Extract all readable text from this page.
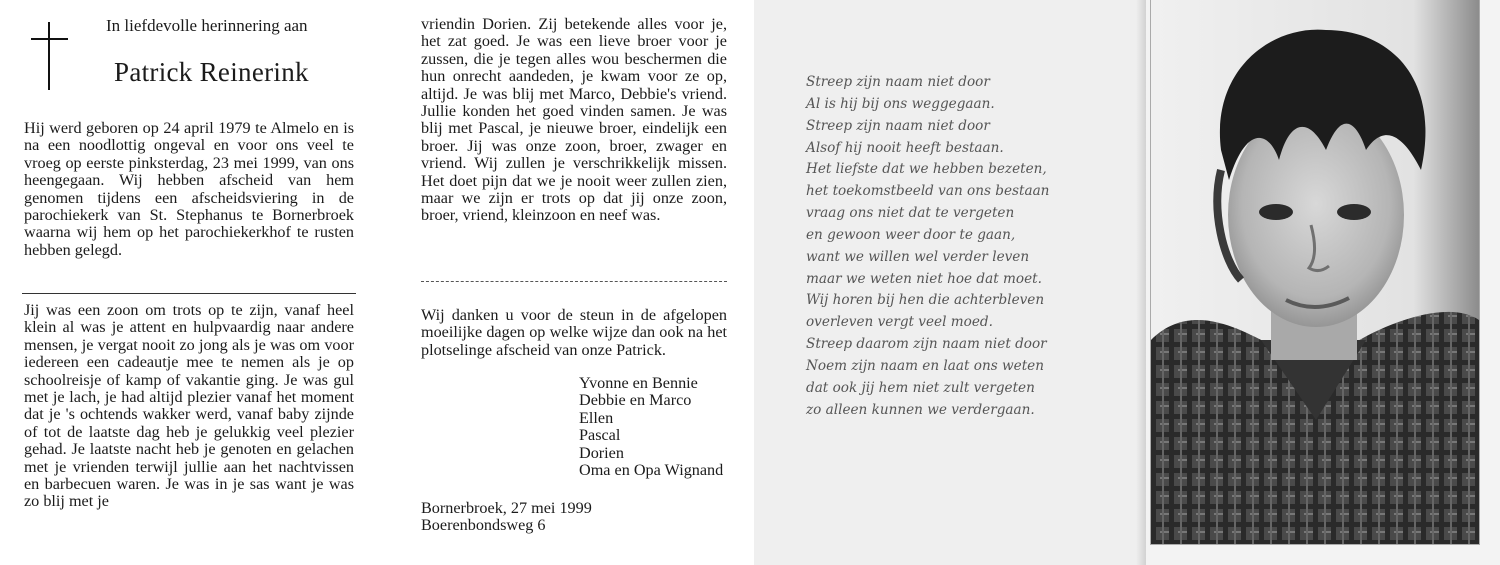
In liefdevolle herinnering aan

Patrick Reinerink

Hij werd geboren op 24 april 1979 te Almelo en is na een noodlottig ongeval en voor ons veel te vroeg op eerste pinksterdag, 23 mei 1999, van ons heengegaan. Wij hebben afscheid van hem genomen tijdens een afscheidsviering in de parochiekerk van St. Stephanus te Bornerbroek waarna wij hem op het parochiekerkhof te rusten hebben gelegd.

Jij was een zoon om trots op te zijn, vanaf heel klein al was je attent en hulpvaardig naar andere mensen, je vergat nooit zo jong als je was om voor iedereen een cadeautje mee te nemen als je op schoolreisje of kamp of vakantie ging. Je was gul met je lach, je had altijd plezier vanaf het moment dat je 's ochtends wakker werd, vanaf baby zijnde of tot de laatste dag heb je gelukkig veel plezier gehad. Je laatste nacht heb je genoten en gelachen met je vrienden terwijl jullie aan het nachtvissen en barbecuen waren. Je was in je sas want je was zo blij met je

vriendin Dorien. Zij betekende alles voor je, het zat goed. Je was een lieve broer voor je zussen, die je tegen alles wou beschermen die hun onrecht aandeden, je kwam voor ze op, altijd. Je was blij met Marco, Debbie's vriend. Jullie konden het goed vinden samen. Je was blij met Pascal, je nieuwe broer, eindelijk een broer. Jij was onze zoon, broer, zwager en vriend. Wij zullen je verschrikkelijk missen. Het doet pijn dat we je nooit weer zullen zien, maar we zijn er trots op dat jij onze zoon, broer, vriend, kleinzoon en neef was.

Wij danken u voor de steun in de afgelopen moeilijke dagen op welke wijze dan ook na het plotselinge afscheid van onze Patrick.

Yvonne en Bennie
Debbie en Marco
Ellen
Pascal
Dorien
Oma en Opa Wignand
Bornerbroek, 27 mei 1999
Boerenbondsweg 6
Streep zijn naam niet door
Al is hij bij ons weggegaan.
Streep zijn naam niet door
Alsof hij nooit heeft bestaan.
Het liefste dat we hebben bezeten,
het toekomstbeeld van ons bestaan
vraag ons niet dat te vergeten
en gewoon weer door te gaan,
want we willen wel verder leven
maar we weten niet hoe dat moet.
Wij horen bij hen die achterbleven
overleven vergt veel moed.
Streep daarom zijn naam niet door
Noem zijn naam en laat ons weten
dat ook jij hem niet zult vergeten
zo alleen kunnen we verdergaan.
